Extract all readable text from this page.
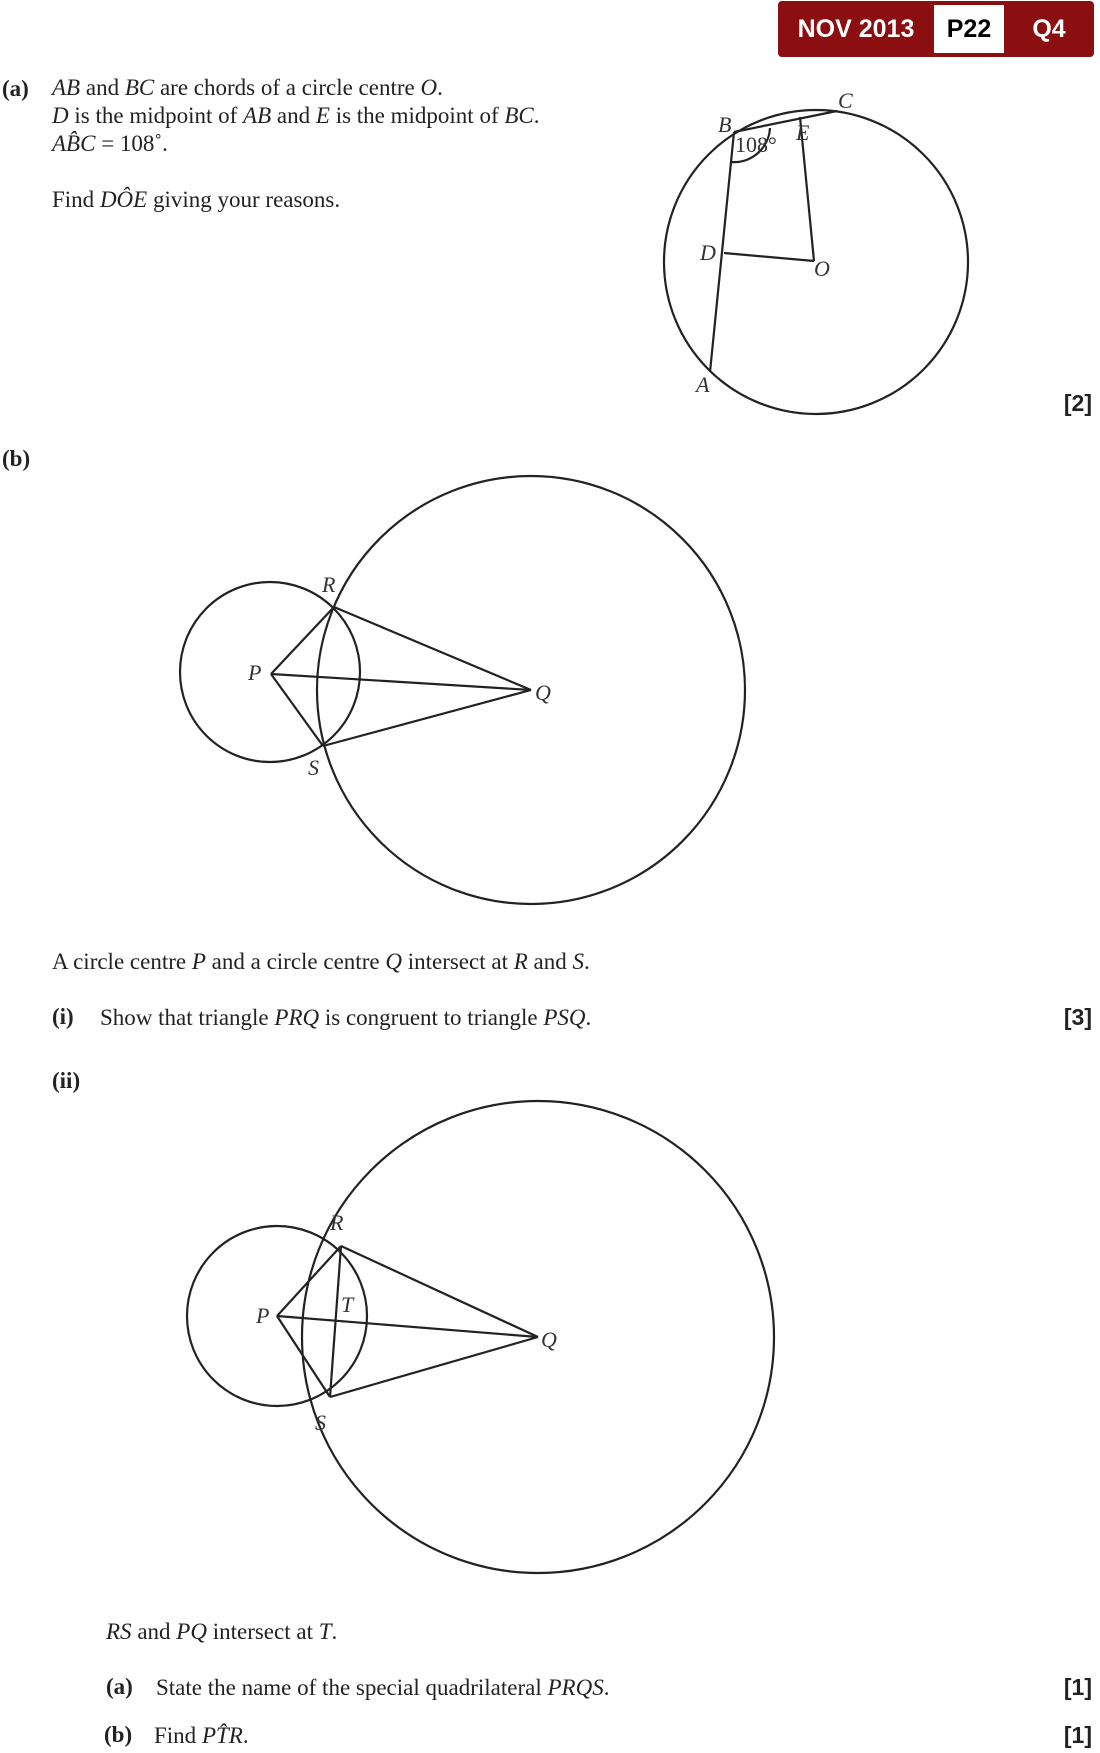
NOV 2013	P22	Q4
(a) AB and BC are chords of a circle centre O.
D is the midpoint of AB and E is the midpoint of BC.
AB̂C = 108˚.
Find DÔE giving your reasons.
[2]
B
C
E
D
O
A
108°
(b)
R
P
Q
S
A circle centre P and a circle centre Q intersect at R and S.
(i) Show that triangle PRQ is congruent to triangle PSQ.	[3]
(ii)
R
P	T
Q
S
RS and PQ intersect at T.
(a) State the name of the special quadrilateral PRQS.	[1]
(b) Find PT̂R.	[1]
